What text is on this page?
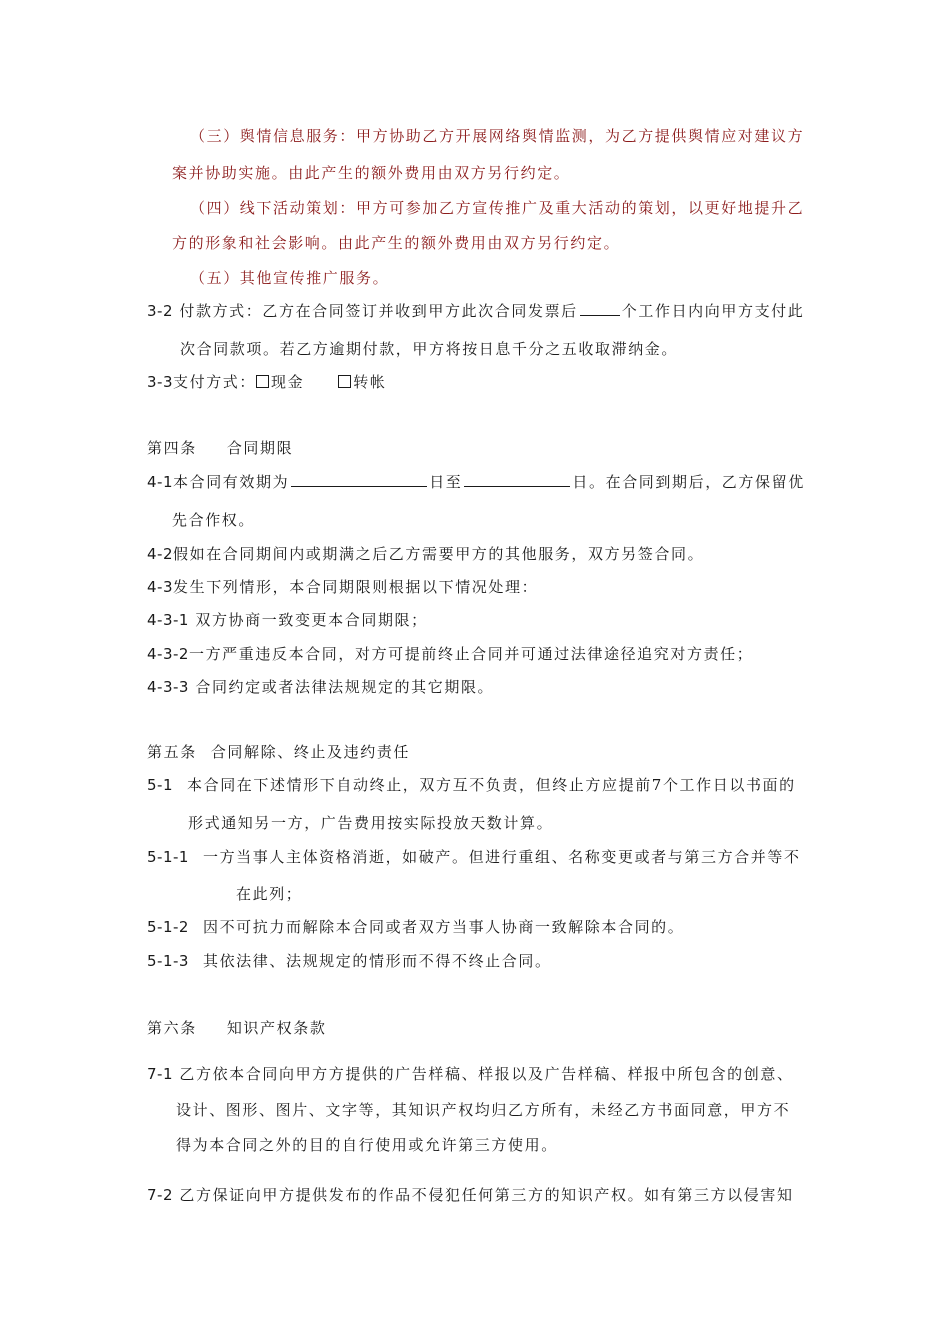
（三）舆情信息服务：甲方协助乙方开展网络舆情监测，为乙方提供舆情应对建议方
案并协助实施。由此产生的额外费用由双方另行约定。
（四）线下活动策划：甲方可参加乙方宣传推广及重大活动的策划，以更好地提升乙
方的形象和社会影响。由此产生的额外费用由双方另行约定。
（五）其他宣传推广服务。
3-2 付款方式：乙方在合同签订并收到甲方此次合同发票后	个工作日内向甲方支付此
次合同款项。若乙方逾期付款，甲方将按日息千分之五收取滞纳金。
3-3支付方式： 现金	转帐
第四条 合同期限
4-1本合同有效期为	日至	日。在合同到期后，乙方保留优
先合作权。
4-2假如在合同期间内或期满之后乙方需要甲方的其他服务，双方另签合同。
4-3发生下列情形，本合同期限则根据以下情况处理：
4-3-1 双方协商一致变更本合同期限；
4-3-2一方严重违反本合同，对方可提前终止合同并可通过法律途径追究对方责任；
4-3-3 合同约定或者法律法规规定的其它期限。
第五条 合同解除、终止及违约责任
5-1 本合同在下述情形下自动终止，双方互不负责，但终止方应提前7个工作日以书面的
形式通知另一方，广告费用按实际投放天数计算。
5-1-1 一方当事人主体资格消逝，如破产。但进行重组、名称变更或者与第三方合并等不
在此列；
5-1-2 因不可抗力而解除本合同或者双方当事人协商一致解除本合同的。
5-1-3 其依法律、法规规定的情形而不得不终止合同。
第六条 知识产权条款
7-1 乙方依本合同向甲方方提供的广告样稿、样报以及广告样稿、样报中所包含的创意、
设计、图形、图片、文字等，其知识产权均归乙方所有，未经乙方书面同意，甲方不
得为本合同之外的目的自行使用或允许第三方使用。
7-2 乙方保证向甲方提供发布的作品不侵犯任何第三方的知识产权。如有第三方以侵害知
